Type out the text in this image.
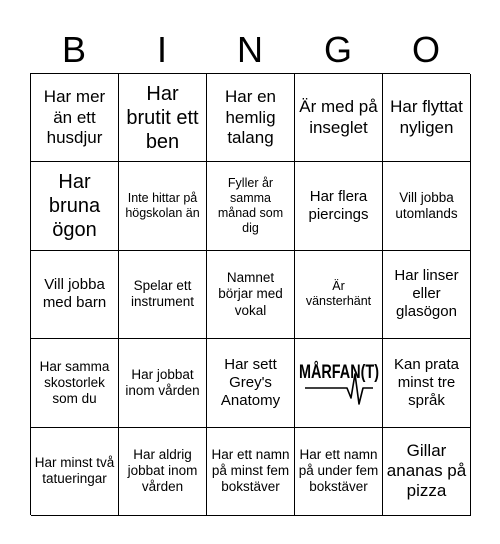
B	I	N	G	O
Har mer än ett husdjur
Har brutit ett ben
Har en hemlig talang
Är med på inseglet
Har flyttat nyligen
Har bruna ögon
Inte hittar på högskolan än
Fyller år samma månad som dig
Har flera piercings
Vill jobba utomlands
Vill jobba med barn
Spelar ett instrument
Namnet börjar med vokal
Är vänsterhänt
Har linser eller glasögon
Har samma skostorlek som du
Har jobbat inom vården
Har sett Grey's Anatomy
MÅRFAN(T)	Kan prata minst tre språk
Har minst två tatueringar
Har aldrig jobbat inom vården
Har ett namn på minst fem bokstäver
Har ett namn på under fem bokstäver
Gillar ananas på pizza
